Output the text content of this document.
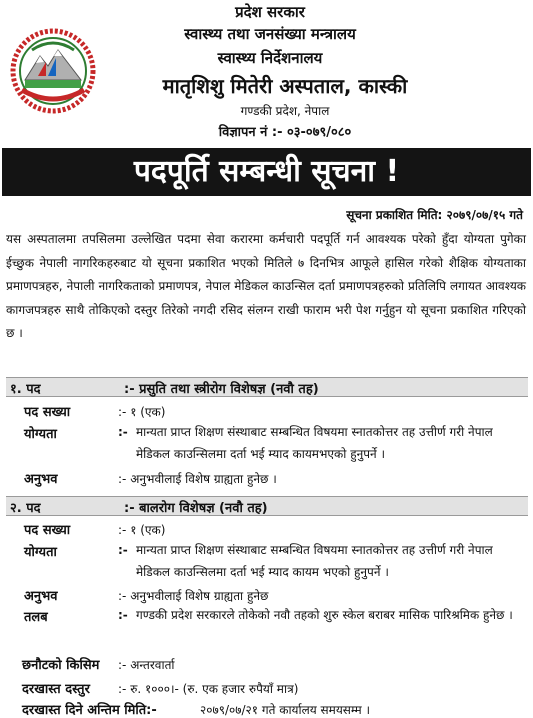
प्रदेश सरकार
स्वास्थ्य तथा जनसंख्या मन्त्रालय
स्वास्थ्य निर्देशनालय
मातृशिशु मितेरी अस्पताल, कास्की
गण्डकी प्रदेश, नेपाल
विज्ञापन नं :- ०३-०७९/०८०
पदपूर्ति सम्बन्धी सूचना !
सूचना प्रकाशित मिति: २०७९/०७/१५ गते
यस अस्पतालमा तपसिलमा उल्लेखित पदमा सेवा करारमा कर्मचारी पदपूर्ति गर्न आवश्यक परेको हुँदा योग्यता पुगेका ईच्छुक नेपाली नागरिकहरुबाट यो सूचना प्रकाशित भएको मितिले ७ दिनभित्र आफूले हासिल गरेको शैक्षिक योग्यताका प्रमाणपत्रहरु, नेपाली नागरिकताको प्रमाणपत्र, नेपाल मेडिकल काउन्सिल दर्ता प्रमाणपत्रहरुको प्रतिलिपि लगायत आवश्यक कागजपत्रहरु साथै तोकिएको दस्तुर तिरेको नगदी रसिद संलग्न राखी फाराम भरी पेश गर्नुहुन यो सूचना प्रकाशित गरिएको छ ।
१. पद	:- प्रसुति तथा स्त्रीरोग विशेषज्ञ (नवौ तह)
पद सख्या	:- १ (एक)
योग्यता	:- मान्यता प्राप्त शिक्षण संस्थाबाट सम्बन्धित विषयमा स्नातकोत्तर तह उत्तीर्ण गरी नेपाल मेडिकल काउन्सिलमा दर्ता भई म्याद कायमभएको हुनुपर्ने ।
अनुभव	:- अनुभवीलाई विशेष ग्राह्यता हुनेछ ।
२. पद	:- बालरोग विशेषज्ञ (नवौ तह)
पद सख्या	:- १ (एक)
योग्यता	:- मान्यता प्राप्त शिक्षण संस्थाबाट सम्बन्धित विषयमा स्नातकोत्तर तह उत्तीर्ण गरी नेपाल मेडिकल काउन्सिलमा दर्ता भई म्याद कायम भएको हुनुपर्ने ।
अनुभव	:- अनुभवीलाई विशेष ग्राह्यता हुनेछ
तलब	:- गण्डकी प्रदेश सरकारले तोकेको नवौ तहको शुरु स्केल बराबर मासिक पारिश्रमिक हुनेछ ।
छनौटको किसिम :- अन्तरवार्ता
दरखास्त दस्तुर :- रु. १०००।- (रु. एक हजार रुपैयाँ मात्र)
दरखास्त दिने अन्तिम मिति:-	२०७९/०७/२१ गते कार्यालय समयसम्म ।
